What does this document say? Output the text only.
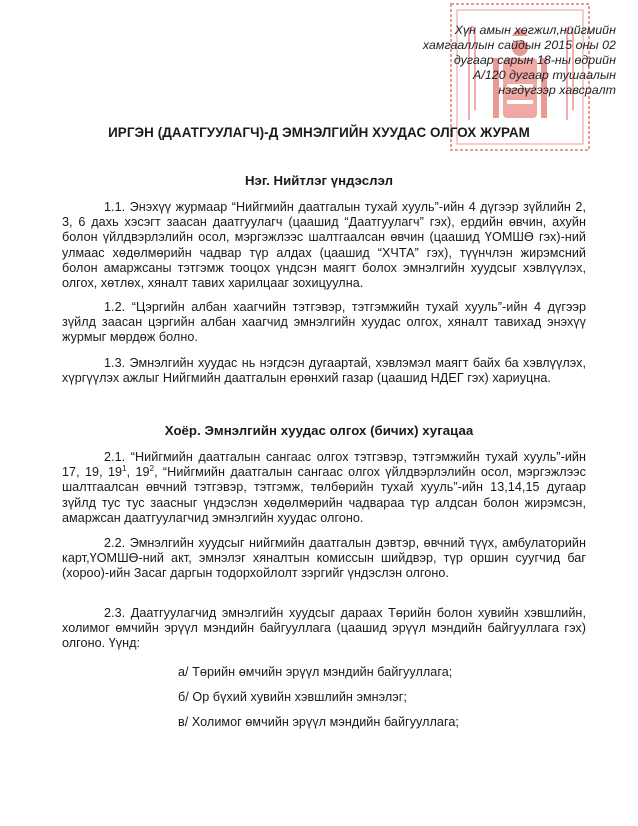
Хүн амын хөгжил,нийгмийн
хамгааллын сайдын 2015 оны 02
дугаар сарын 18-ны өдрийн
А/120 дугаар тушаалын
нэгдүгээр хавсралт
ИРГЭН (ДААТГУУЛАГЧ)-Д ЭМНЭЛГИЙН ХУУДАС ОЛГОХ ЖУРАМ
Нэг. Нийтлэг үндэслэл

1.1. Энэхүү журмаар “Нийгмийн даатгалын тухай хууль”-ийн 4 дүгээр зүйлийн 2, 3, 6 дахь хэсэгт заасан даатгуулагч (цаашид “Даатгуулагч” гэх), ердийн өвчин, ахуйн болон үйлдвэрлэлийн осол, мэргэжлээс шалтгаалсан өвчин (цаашид ҮОМШӨ гэх)-ний улмаас хөдөлмөрийн чадвар түр алдах (цаашид “ХЧТА” гэх), түүнчлэн жирэмсний болон амаржсаны тэтгэмж тооцох үндсэн маягт болох эмнэлгийн хуудсыг хэвлүүлэх, олгох, хөтлөх, хяналт тавих харилцааг зохицуулна.

1.2. “Цэргийн албан хаагчийн тэтгэвэр, тэтгэмжийн тухай хууль”-ийн 4 дүгээр зүйлд заасан цэргийн албан хаагчид эмнэлгийн хуудас олгох, хяналт тавихад энэхүү журмыг мөрдөж болно.

1.3. Эмнэлгийн хуудас нь нэгдсэн дугаартай, хэвлэмэл маягт байх ба хэвлүүлэх, хүргүүлэх ажлыг Нийгмийн даатгалын ерөнхий газар (цаашид НДЕГ гэх) хариуцна.

Хоёр. Эмнэлгийн хуудас олгох (бичих) хугацаа

2.1. “Нийгмийн даатгалын сангаас олгох тэтгэвэр, тэтгэмжийн тухай хууль”-ийн 17, 19, $19^1$, $19^2$, “Нийгмийн даатгалын сангаас олгох үйлдвэрлэлийн осол, мэргэжлээс шалтгаалсан өвчний тэтгэвэр, тэтгэмж, төлбөрийн тухай хууль”-ийн 13,14,15 дугаар зүйлд тус тус заасныг үндэслэн хөдөлмөрийн чадвараа түр алдсан болон жирэмсэн, амаржсан даатгуулагчид эмнэлгийн хуудас олгоно.

2.2. Эмнэлгийн хуудсыг нийгмийн даатгалын дэвтэр, өвчний түүх, амбулаторийн карт,ҮОМШӨ-ний акт, эмнэлэг хяналтын комиссын шийдвэр, түр оршин суугчид баг (хороо)-ийн Засаг даргын тодорхойлолт зэргийг үндэслэн олгоно.

2.3. Даатгуулагчид эмнэлгийн хуудсыг дараах Төрийн болон хувийн хэвшлийн, холимог өмчийн эрүүл мэндийн байгууллага (цаашид эрүүл мэндийн байгууллага гэх) олгоно. Үүнд:

а/ Төрийн өмчийн эрүүл мэндийн байгууллага;

б/ Ор бүхий хувийн хэвшлийн эмнэлэг;

в/ Холимог өмчийн эрүүл мэндийн байгууллага;
